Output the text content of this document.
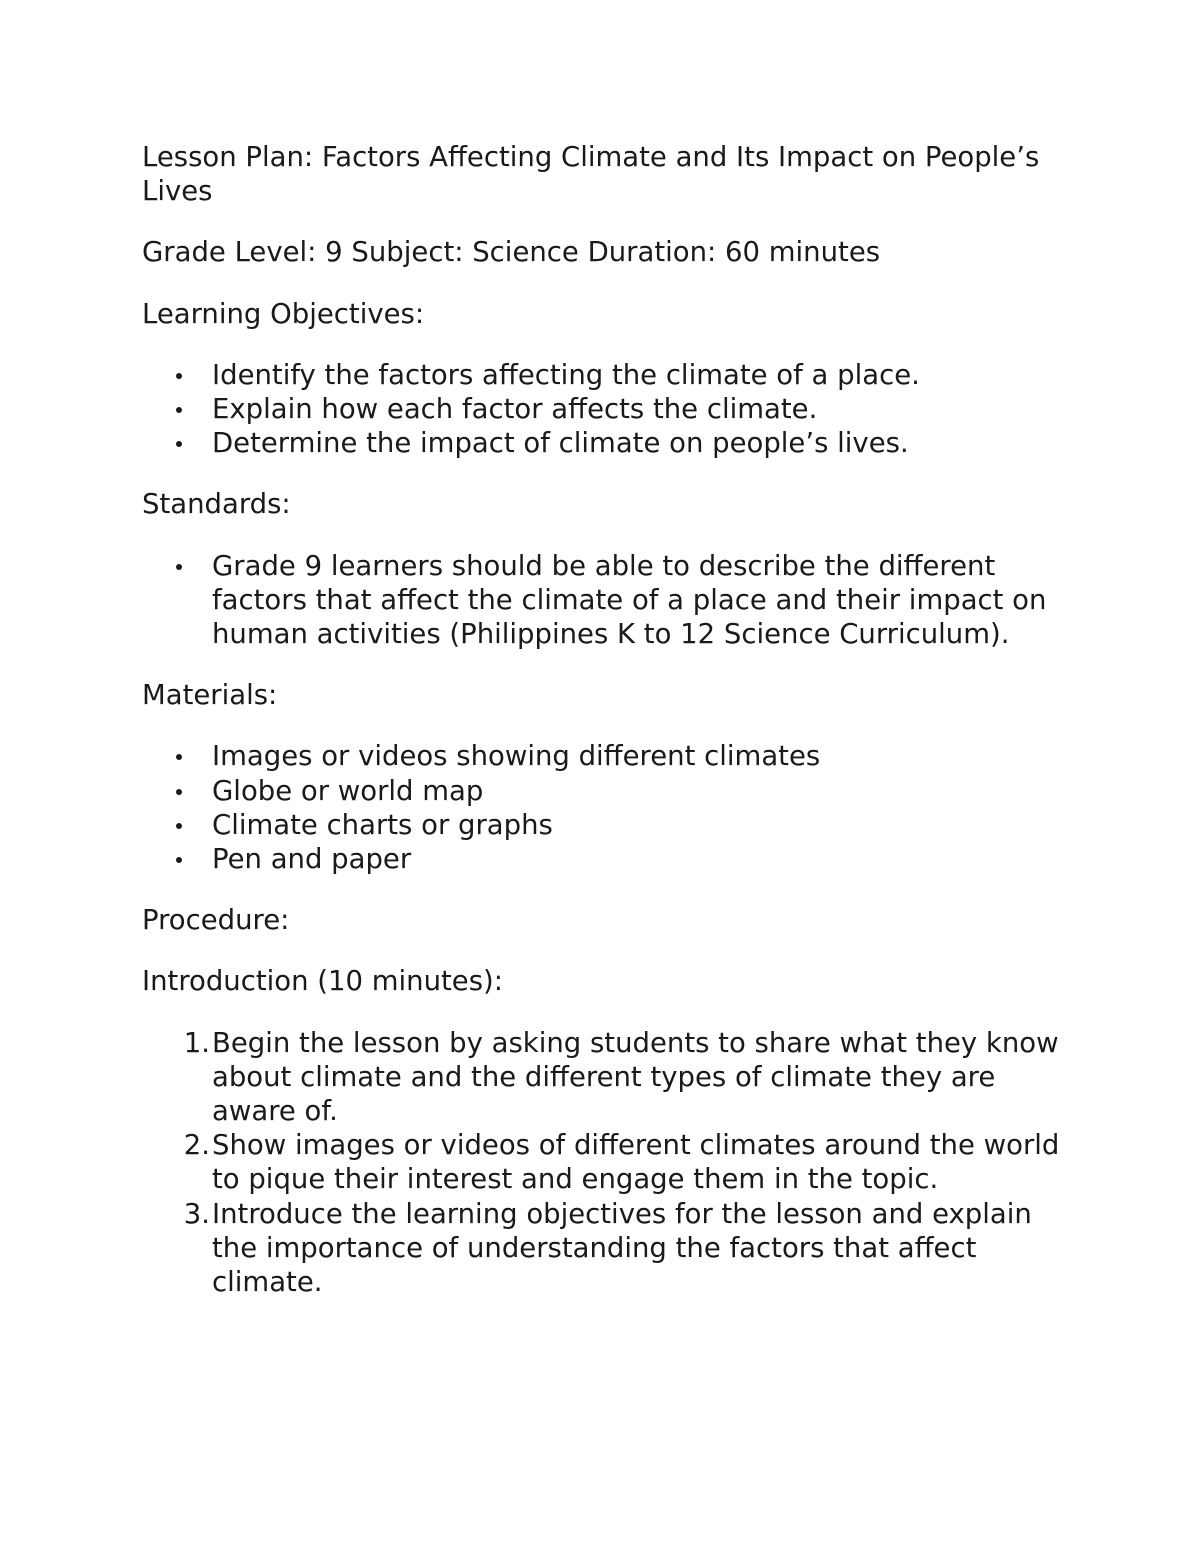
Lesson Plan: Factors Affecting Climate and Its Impact on People’s Lives

Grade Level: 9 Subject: Science Duration: 60 minutes

Learning Objectives:

Identify the factors affecting the climate of a place.
Explain how each factor affects the climate.
Determine the impact of climate on people’s lives.

Standards:

Grade 9 learners should be able to describe the different factors that affect the climate of a place and their impact on human activities (Philippines K to 12 Science Curriculum).

Materials:

Images or videos showing different climates
Globe or world map
Climate charts or graphs
Pen and paper

Procedure:

Introduction (10 minutes):

1. Begin the lesson by asking students to share what they know about climate and the different types of climate they are aware of.
2. Show images or videos of different climates around the world to pique their interest and engage them in the topic.
3. Introduce the learning objectives for the lesson and explain the importance of understanding the factors that affect climate.
